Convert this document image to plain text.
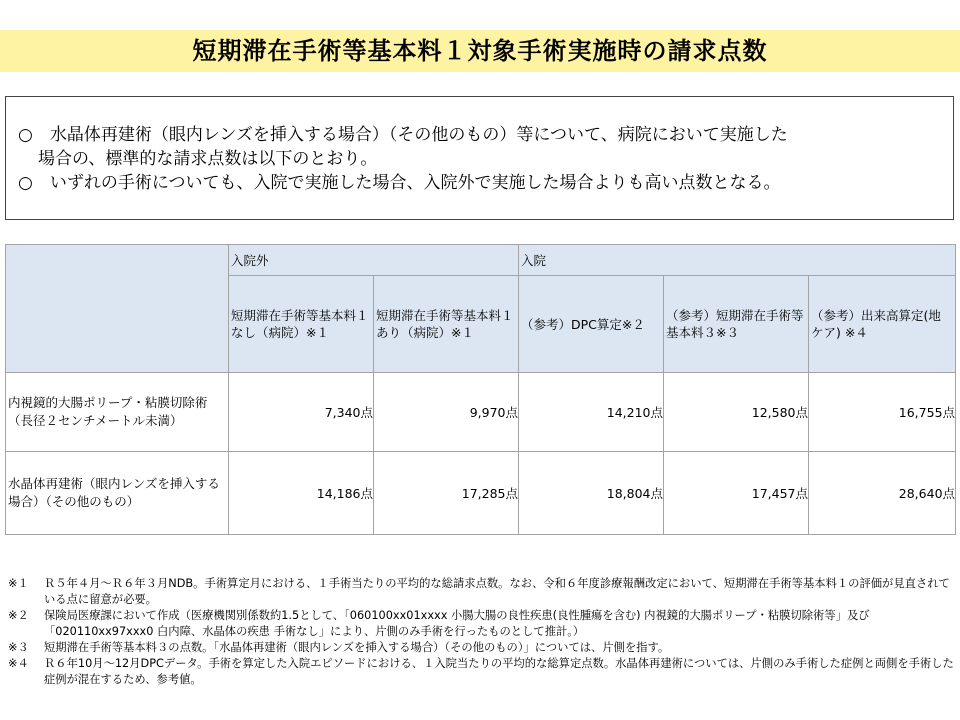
短期滞在手術等基本料１対象手術実施時の請求点数

○　水晶体再建術（眼内レンズを挿入する場合）（その他のもの）等について、病院において実施した

場合の、標準的な請求点数は以下のとおり。

○　いずれの手術についても、入院で実施した場合、入院外で実施した場合よりも高い点数となる。

	入院外		入院		
	短期滞在手術等基本料１なし（病院）※１	短期滞在手術等基本料１あり（病院）※１	（参考）DPC算定※２	（参考）短期滞在手術等基本料３※３	（参考）出来高算定(地ケア) ※４
内視鏡的大腸ポリープ・粘膜切除術（長径２センチメートル未満）	7,340点	9,970点	14,210点	12,580点	16,755点
水晶体再建術（眼内レンズを挿入する場合）（その他のもの）	14,186点	17,285点	18,804点	17,457点	28,640点
※１	Ｒ５年４月～Ｒ６年３月NDB。手術算定月における、１手術当たりの平均的な総請求点数。なお、令和６年度診療報酬改定において、短期滞在手術等基本料１の評価が見直されている点に留意が必要。
※２	保険局医療課において作成（医療機関別係数約1.5として、「060100xx01xxxx 小腸大腸の良性疾患(良性腫瘍を含む) 内視鏡的大腸ポリープ・粘膜切除術等」及び「020110xx97xxx0 白内障、水晶体の疾患 手術なし」により、片側のみ手術を行ったものとして推計。）
※３	短期滞在手術等基本料３の点数。「水晶体再建術（眼内レンズを挿入する場合）（その他のもの）」については、片側を指す。
※４	Ｒ６年10月～12月DPCデータ。手術を算定した入院エピソードにおける、１入院当たりの平均的な総算定点数。水晶体再建術については、片側のみ手術した症例と両側を手術した症例が混在するため、参考値。
